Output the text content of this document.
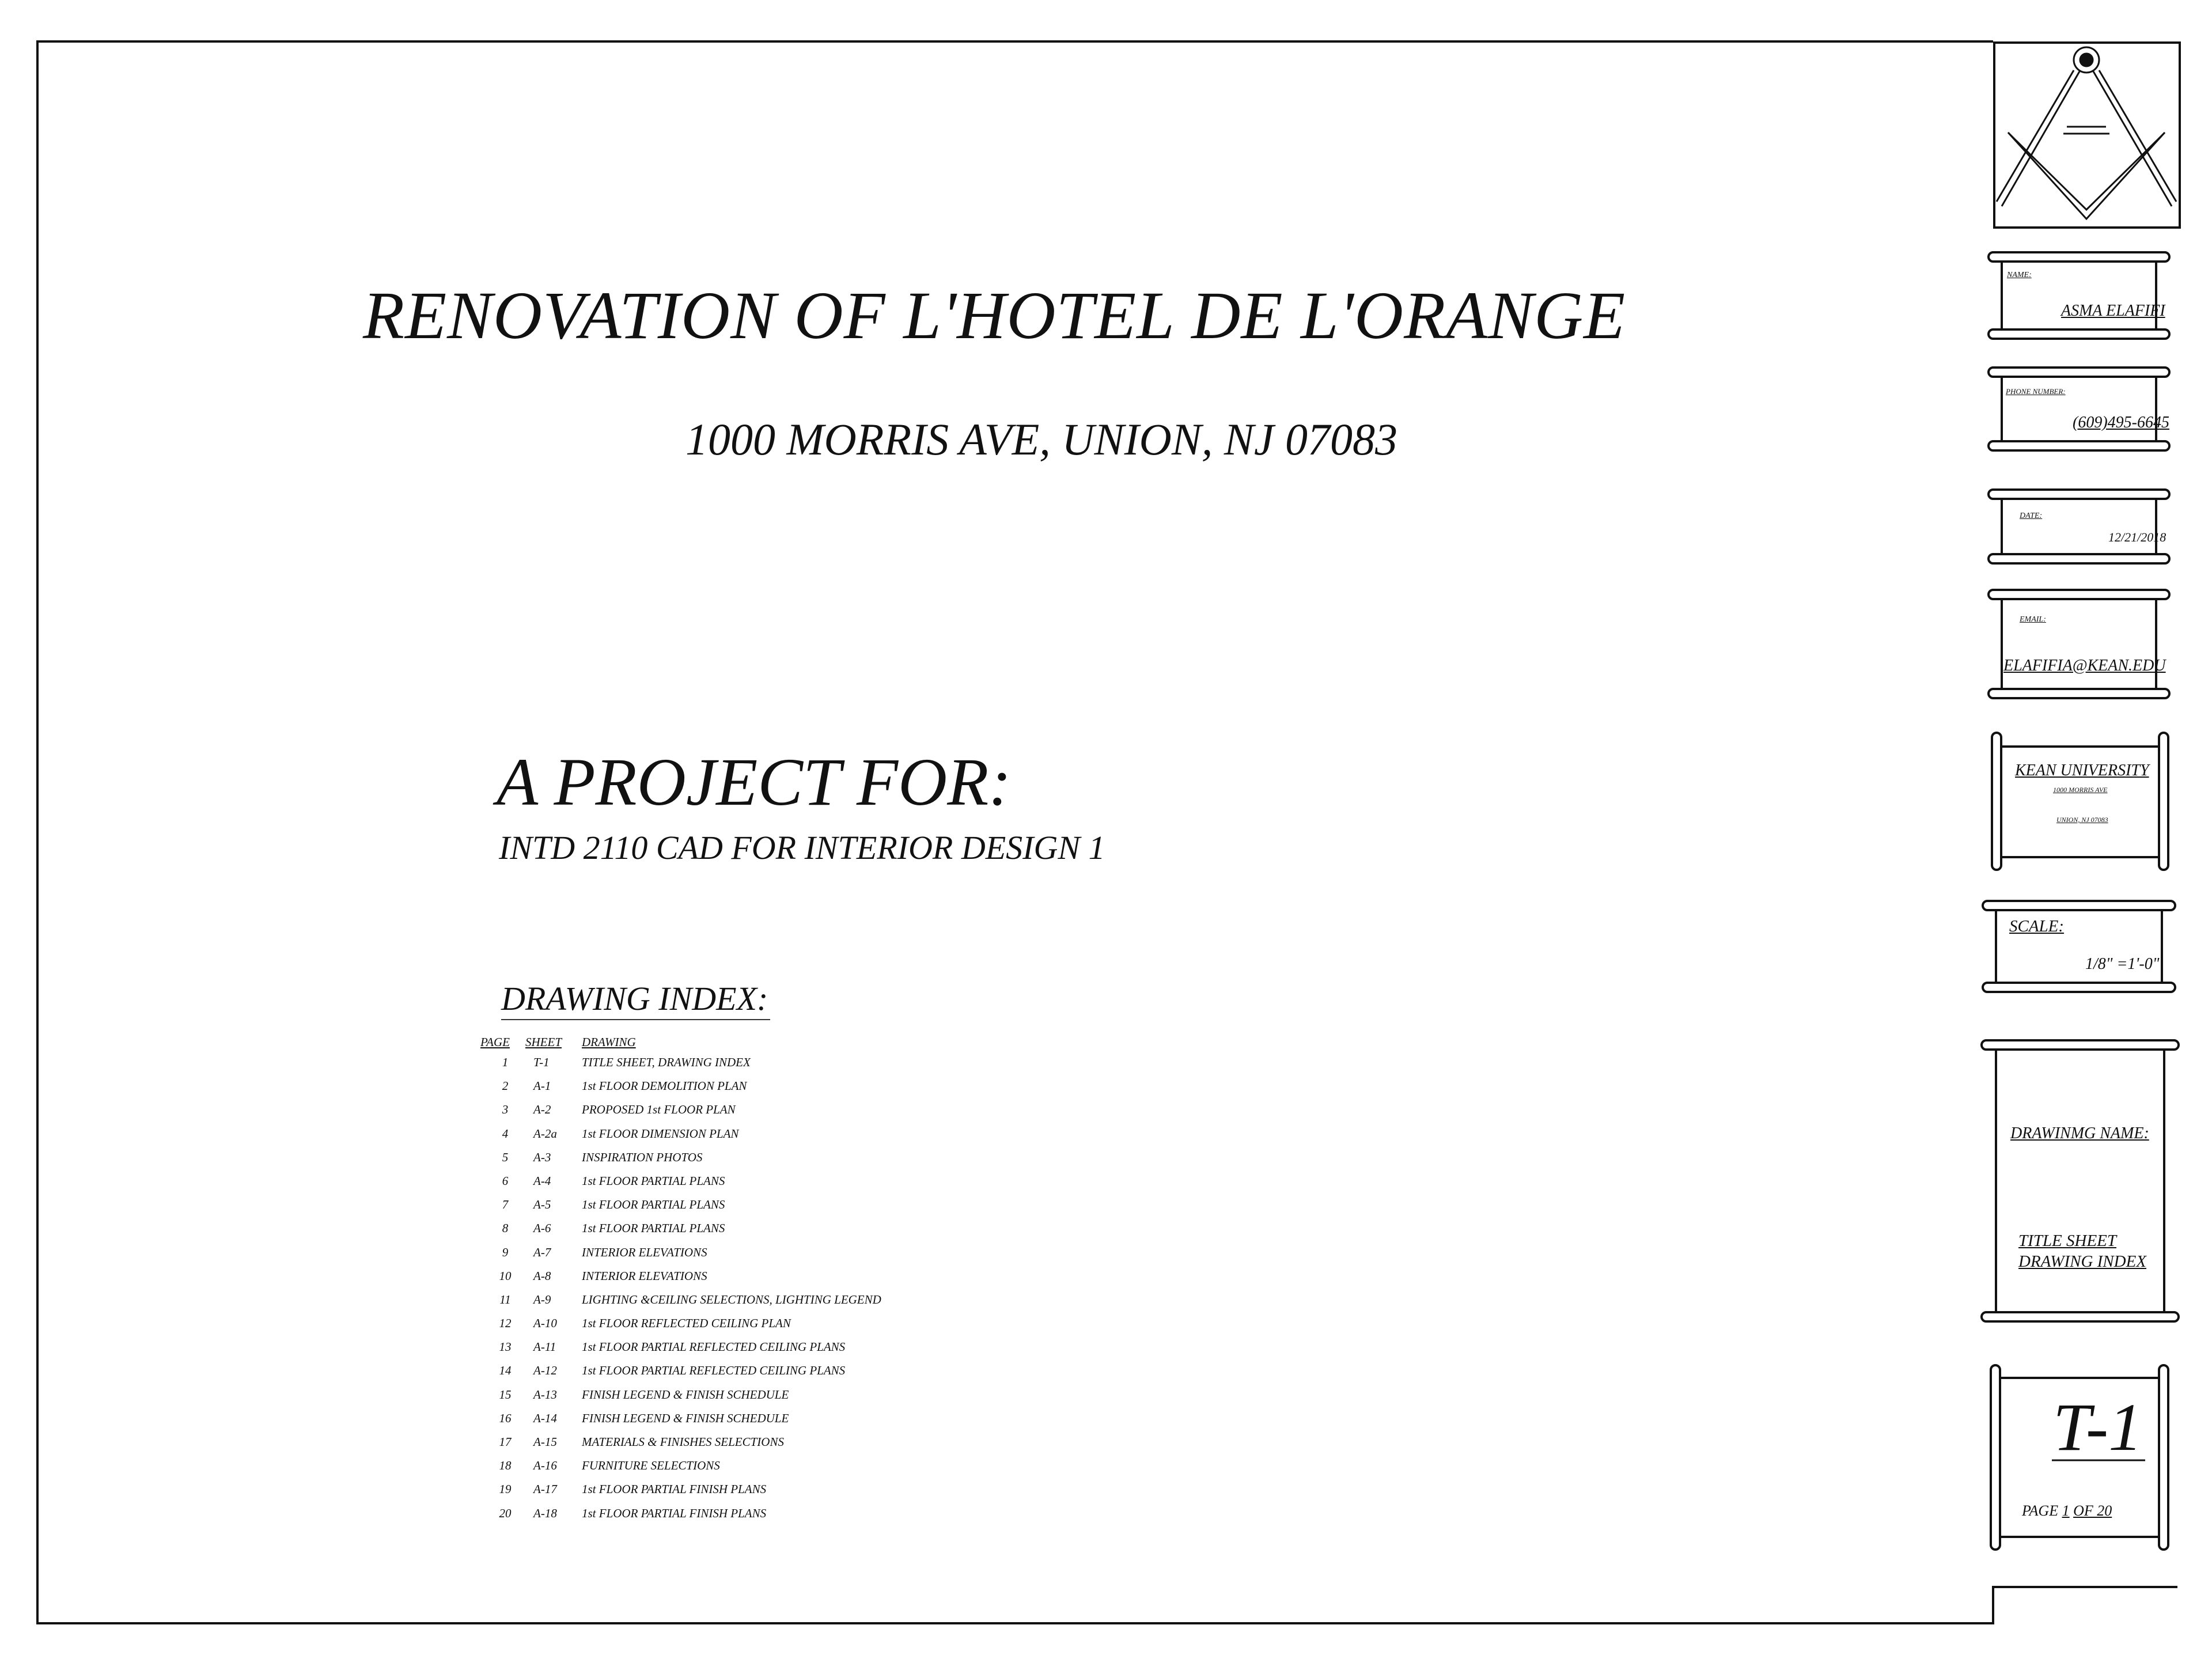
RENOVATION OF L'HOTEL DE L'ORANGE
1000 MORRIS AVE, UNION, NJ 07083
A PROJECT FOR:
INTD 2110 CAD FOR INTERIOR DESIGN 1
DRAWING INDEX:
PAGE SHEET DRAWING
1 T-1	TITLE SHEET, DRAWING INDEX
2 A-1	1st FLOOR DEMOLITION PLAN
3 A-2	PROPOSED 1st FLOOR PLAN
4 A-2a 1st FLOOR DIMENSION PLAN
5 A-3	INSPIRATION PHOTOS
6 A-4	1st FLOOR PARTIAL PLANS
7 A-5	1st FLOOR PARTIAL PLANS
8 A-6	1st FLOOR PARTIAL PLANS
9 A-7	INTERIOR ELEVATIONS
10 A-8	INTERIOR ELEVATIONS
11 A-9	LIGHTING &CEILING SELECTIONS, LIGHTING LEGEND
12 A-10 1st FLOOR REFLECTED CEILING PLAN
13 A-11 1st FLOOR PARTIAL REFLECTED CEILING PLANS
14 A-12 1st FLOOR PARTIAL REFLECTED CEILING PLANS
15 A-13 FINISH LEGEND & FINISH SCHEDULE
16 A-14 FINISH LEGEND & FINISH SCHEDULE
17 A-15 MATERIALS & FINISHES SELECTIONS
18 A-16 FURNITURE SELECTIONS
19 A-17 1st FLOOR PARTIAL FINISH PLANS
20 A-18 1st FLOOR PARTIAL FINISH PLANS
NAME:
ASMA ELAFIFI
PHONE NUMBER:
(609)495-6645
DATE:
12/21/2018
EMAIL:
ELAFIFIA@KEAN.EDU
KEAN UNIVERSITY
1000 MORRIS AVE
UNION, NJ 07083
SCALE:
1/8" =1'-0"
DRAWINMG NAME:
TITLE SHEET
DRAWING INDEX
T-1
PAGE 1 OF 20
